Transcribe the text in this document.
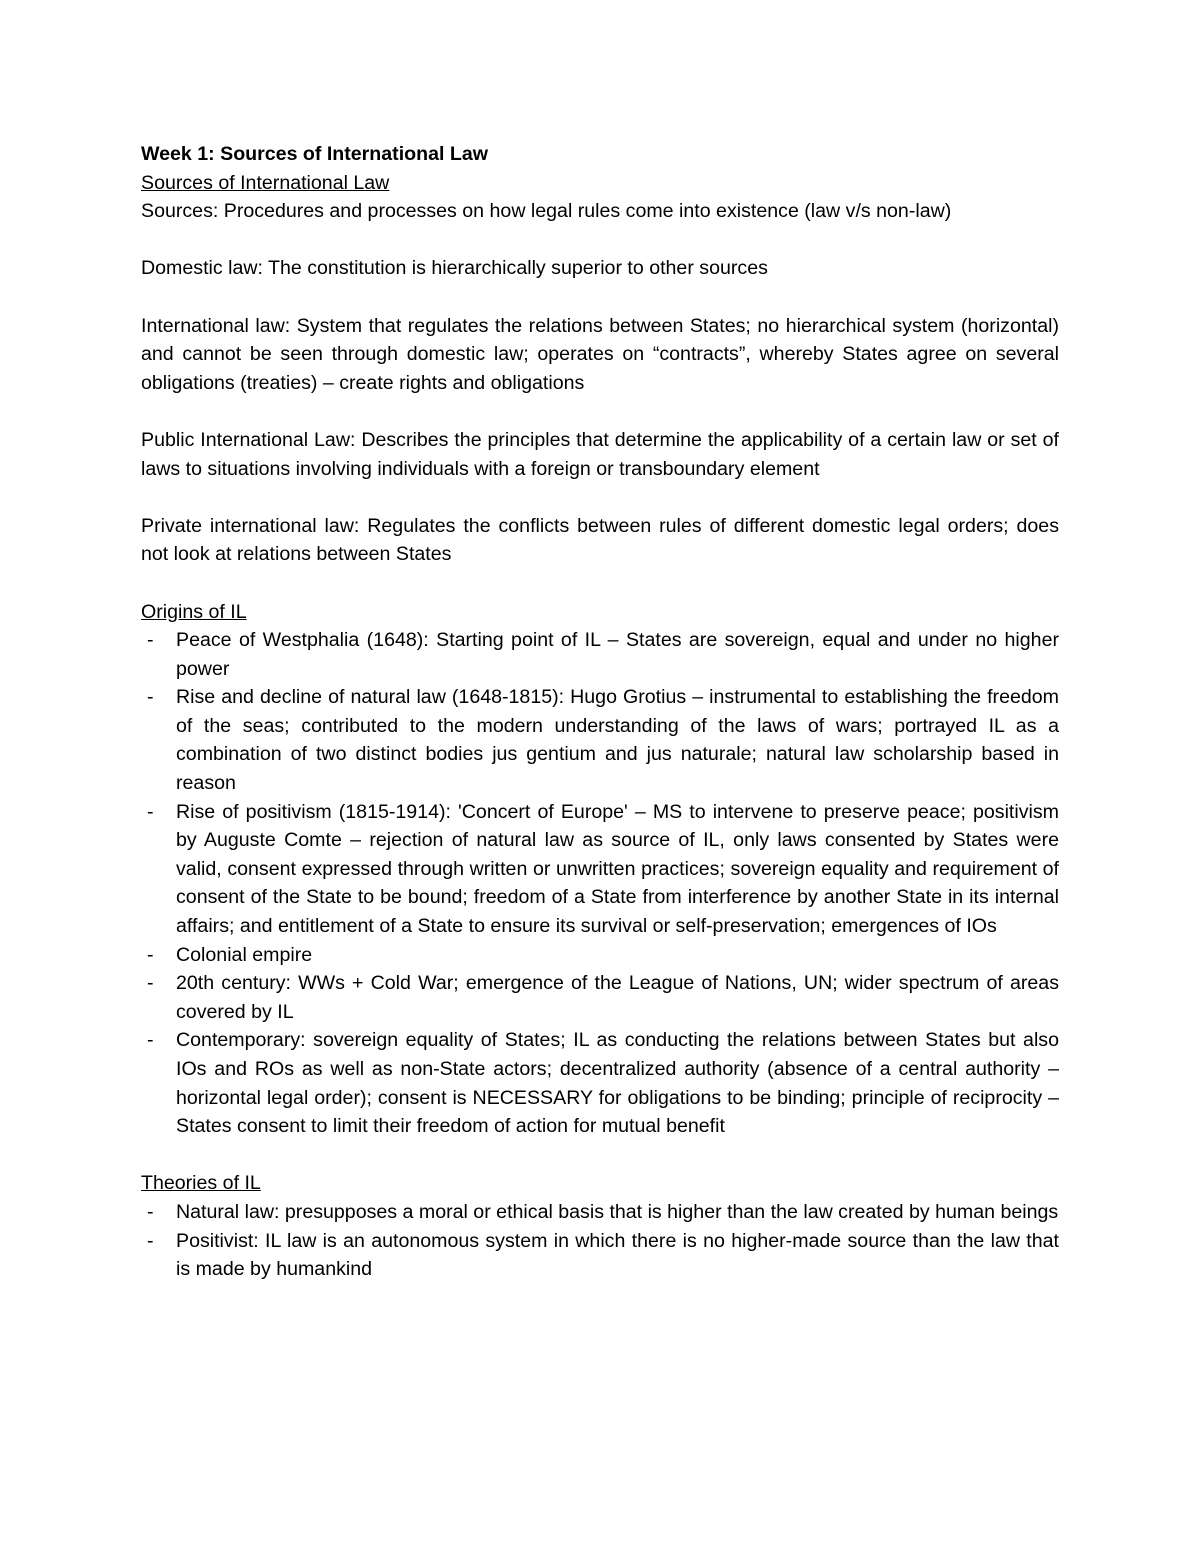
Week 1: Sources of International Law

Sources of International Law

Sources: Procedures and processes on how legal rules come into existence (law v/s non-law)

Domestic law: The constitution is hierarchically superior to other sources

International law: System that regulates the relations between States; no hierarchical system (horizontal) and cannot be seen through domestic law; operates on “contracts”, whereby States agree on several obligations (treaties) – create rights and obligations

Public International Law: Describes the principles that determine the applicability of a certain law or set of laws to situations involving individuals with a foreign or transboundary element

Private international law: Regulates the conflicts between rules of different domestic legal orders; does not look at relations between States

Origins of IL

- Peace of Westphalia (1648): Starting point of IL – States are sovereign, equal and under no higher power
- Rise and decline of natural law (1648-1815): Hugo Grotius – instrumental to establishing the freedom of the seas; contributed to the modern understanding of the laws of wars; portrayed IL as a combination of two distinct bodies jus gentium and jus naturale; natural law scholarship based in reason
- Rise of positivism (1815-1914): 'Concert of Europe' – MS to intervene to preserve peace; positivism by Auguste Comte – rejection of natural law as source of IL, only laws consented by States were valid, consent expressed through written or unwritten practices; sovereign equality and requirement of consent of the State to be bound; freedom of a State from interference by another State in its internal affairs; and entitlement of a State to ensure its survival or self-preservation; emergences of IOs
- Colonial empire
- 20th century: WWs + Cold War; emergence of the League of Nations, UN; wider spectrum of areas covered by IL
- Contemporary: sovereign equality of States; IL as conducting the relations between States but also IOs and ROs as well as non-State actors; decentralized authority (absence of a central authority – horizontal legal order); consent is NECESSARY for obligations to be binding; principle of reciprocity – States consent to limit their freedom of action for mutual benefit

Theories of IL

- Natural law: presupposes a moral or ethical basis that is higher than the law created by human beings
- Positivist: IL law is an autonomous system in which there is no higher-made source than the law that is made by humankind
